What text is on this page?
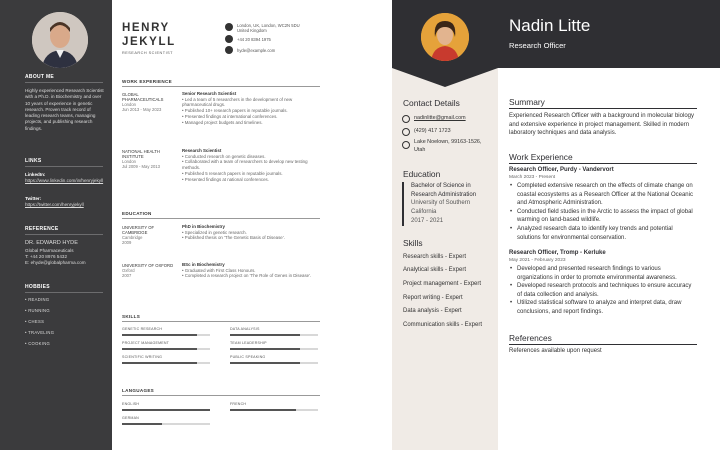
ABOUT ME
Highly experienced Research Scientist with a Ph.D. in Biochemistry and over 10 years of experience in genetic research. Proven track record of leading research teams, managing projects, and publishing research findings.
LINKS
LinkedIn:
https://www.linkedin.com/in/henryjekyll
Twitter:
https://twitter.com/henryjekyll
REFERENCE
DR. EDWARD HYDE
Global Pharmaceuticals
T: +44 20 8976 5432
E: ehyde@globalpharma.com
HOBBIES
• READING
• RUNNING
• CHESS
• TRAVELING
• COOKING
HENRY
JEKYLL
RESEARCH SCIENTIST
London, UK, London, WC2N 5DU
United Kingdom
+44 20 8394 1975
hyde@example.com
WORK EXPERIENCE
GLOBAL PHARMACEUTICALS
London
Jun 2013 - May 2023
Senior Research Scientist
• Led a team of 5 researchers in the development of new pharmaceutical drugs.
• Published 10+ research papers in reputable journals.
• Presented findings at international conferences.
• Managed project budgets and timelines.
NATIONAL HEALTH INSTITUTE
London
Jul 2009 - May 2013
Research Scientist
• Conducted research on genetic diseases.
• Collaborated with a team of researchers to develop new testing methods.
• Published 5 research papers in reputable journals.
• Presented findings at national conferences.
EDUCATION
UNIVERSITY OF CAMBRIDGE
Cambridge
2009
PhD in Biochemistry
• Specialized in genetic research.
• Published thesis on 'The Genetic Basis of Disease'.
UNIVERSITY OF OXFORD
Oxford
2007
BSc in Biochemistry
• Graduated with First Class Honours.
• Completed a research project on 'The Role of Genes in Disease'.
SKILLS
GENETIC RESEARCH	DATA ANALYSIS
PROJECT MANAGEMENT	TEAM LEADERSHIP
SCIENTIFIC WRITING	PUBLIC SPEAKING
LANGUAGES
ENGLISH	FRENCH
GERMAN
Nadin Litte
Research Officer
Contact Details
nadinlitte@gmail.com
(429) 417 1723
Lake Noelown, 99163-1526, Utah
Education
Bachelor of Science in Research Administration
University of Southern California
2017 - 2021
Skills
Research skills - Expert
Analytical skills - Expert
Project management - Expert
Report writing - Expert
Data analysis - Expert
Communication skills - Expert
Summary
Experienced Research Officer with a background in molecular biology and extensive experience in project management. Skilled in modern laboratory techniques and data analysis.
Work Experience
Research Officer, Purdy - Vandervort
March 2023 - Present
• Completed extensive research on the effects of climate change on coastal ecosystems as a Research Officer at the National Oceanic and Atmospheric Administration.
• Conducted field studies in the Arctic to assess the impact of global warming on land-based wildlife.
• Analyzed research data to identify key trends and potential solutions for environmental conservation.
Research Officer, Tromp - Kerluke
May 2021 - February 2023
• Developed and presented research findings to various organizations in order to promote environmental awareness.
• Developed research protocols and techniques to ensure accuracy of data collection and analysis.
• Utilized statistical software to analyze and interpret data, draw conclusions, and report findings.
References
References available upon request
